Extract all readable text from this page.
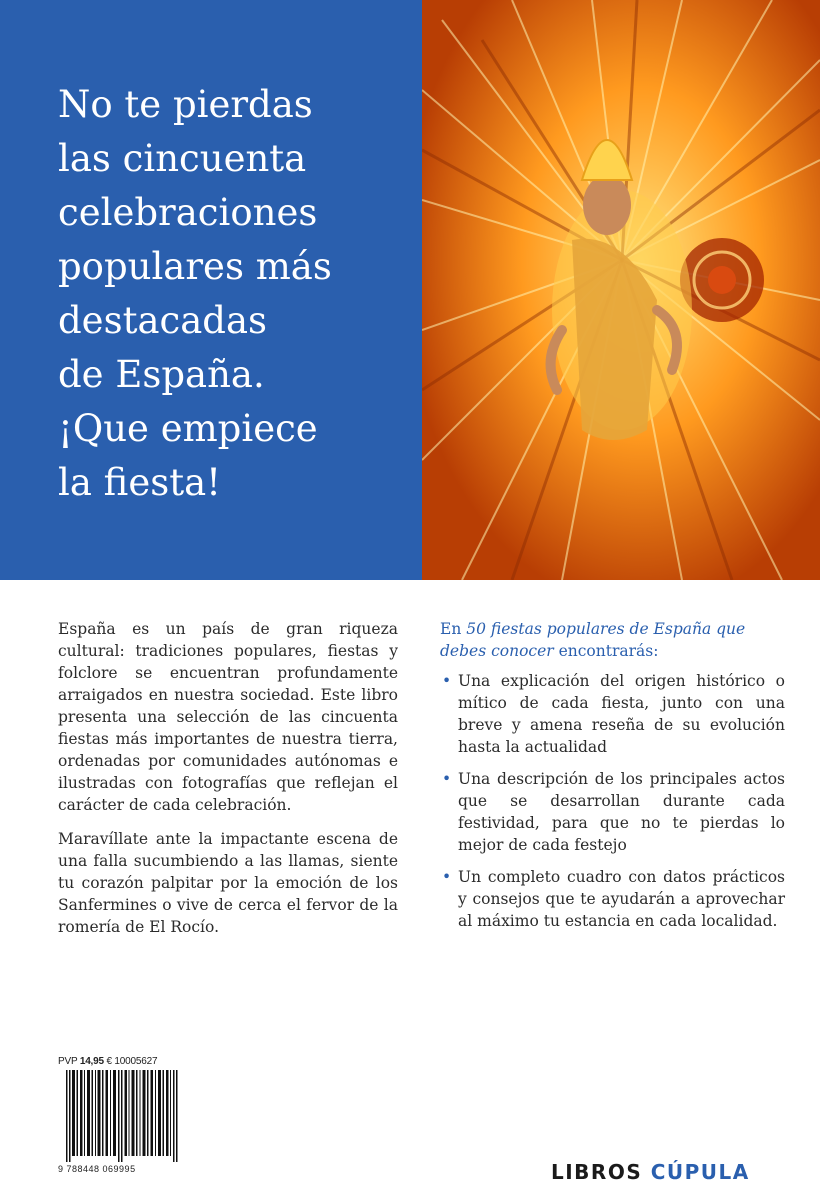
No te pierdas
las cincuenta
celebraciones
populares más
destacadas
de España.
¡Que empiece
la fiesta!

España es un país de gran riqueza cultural: tradiciones populares, fiestas y folclore se encuentran profundamente arraigados en nuestra sociedad. Este libro presenta una selección de las cincuenta fiestas más importantes de nuestra tierra, ordenadas por comunidades autónomas e ilustradas con fotografías que reflejan el carácter de cada celebración.

Maravíllate ante la impactante escena de una falla sucumbiendo a las llamas, siente tu corazón palpitar por la emoción de los Sanfermines o vive de cerca el fervor de la romería de El Rocío.

En 50 fiestas populares de España que debes conocer encontrarás:

• Una explicación del origen histórico o mítico de cada fiesta, junto con una breve y amena reseña de su evolución hasta la actualidad
• Una descripción de los principales actos que se desarrollan durante cada festividad, para que no te pierdas lo mejor de cada festejo
• Un completo cuadro con datos prácticos y consejos que te ayudarán a aprovechar al máximo tu estancia en cada localidad.
PVP 14,95 € 10005627
9 788448 069995	LIBROS CÚPULA
